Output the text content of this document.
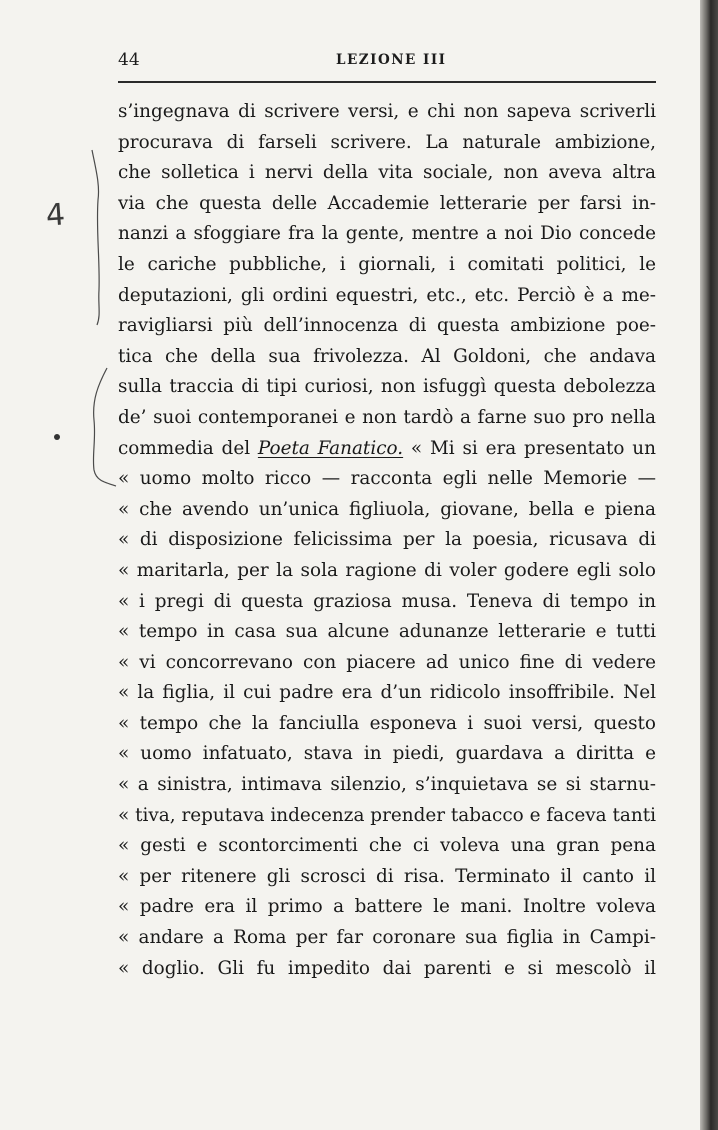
44	LEZIONE III
4
s’ingegnava di scrivere versi, e chi non sapeva scriverli
procurava di farseli scrivere. La naturale ambizione,
che solletica i nervi della vita sociale, non aveva altra
via che questa delle Accademie letterarie per farsi in-
nanzi a sfoggiare fra la gente, mentre a noi Dio concede
le cariche pubbliche, i giornali, i comitati politici, le
deputazioni, gli ordini equestri, etc., etc. Perciò è a me-
ravigliarsi più dell’innocenza di questa ambizione poe-
tica che della sua frivolezza. Al Goldoni, che andava
sulla traccia di tipi curiosi, non isfuggì questa debolezza
de’ suoi contemporanei e non tardò a farne suo pro nella
commedia del Poeta Fanatico. « Mi si era presentato un
« uomo molto ricco — racconta egli nelle Memorie —
« che avendo un’unica figliuola, giovane, bella e piena
« di disposizione felicissima per la poesia, ricusava di
« maritarla, per la sola ragione di voler godere egli solo
« i pregi di questa graziosa musa. Teneva di tempo in
« tempo in casa sua alcune adunanze letterarie e tutti
« vi concorrevano con piacere ad unico fine di vedere
« la figlia, il cui padre era d’un ridicolo insoffribile. Nel
« tempo che la fanciulla esponeva i suoi versi, questo
« uomo infatuato, stava in piedi, guardava a diritta e
« a sinistra, intimava silenzio, s’inquietava se si starnu-
« tiva, reputava indecenza prender tabacco e faceva tanti
« gesti e scontorcimenti che ci voleva una gran pena
« per ritenere gli scrosci di risa. Terminato il canto il
« padre era il primo a battere le mani. Inoltre voleva
« andare a Roma per far coronare sua figlia in Campi-
« doglio. Gli fu impedito dai parenti e si mescolò il
